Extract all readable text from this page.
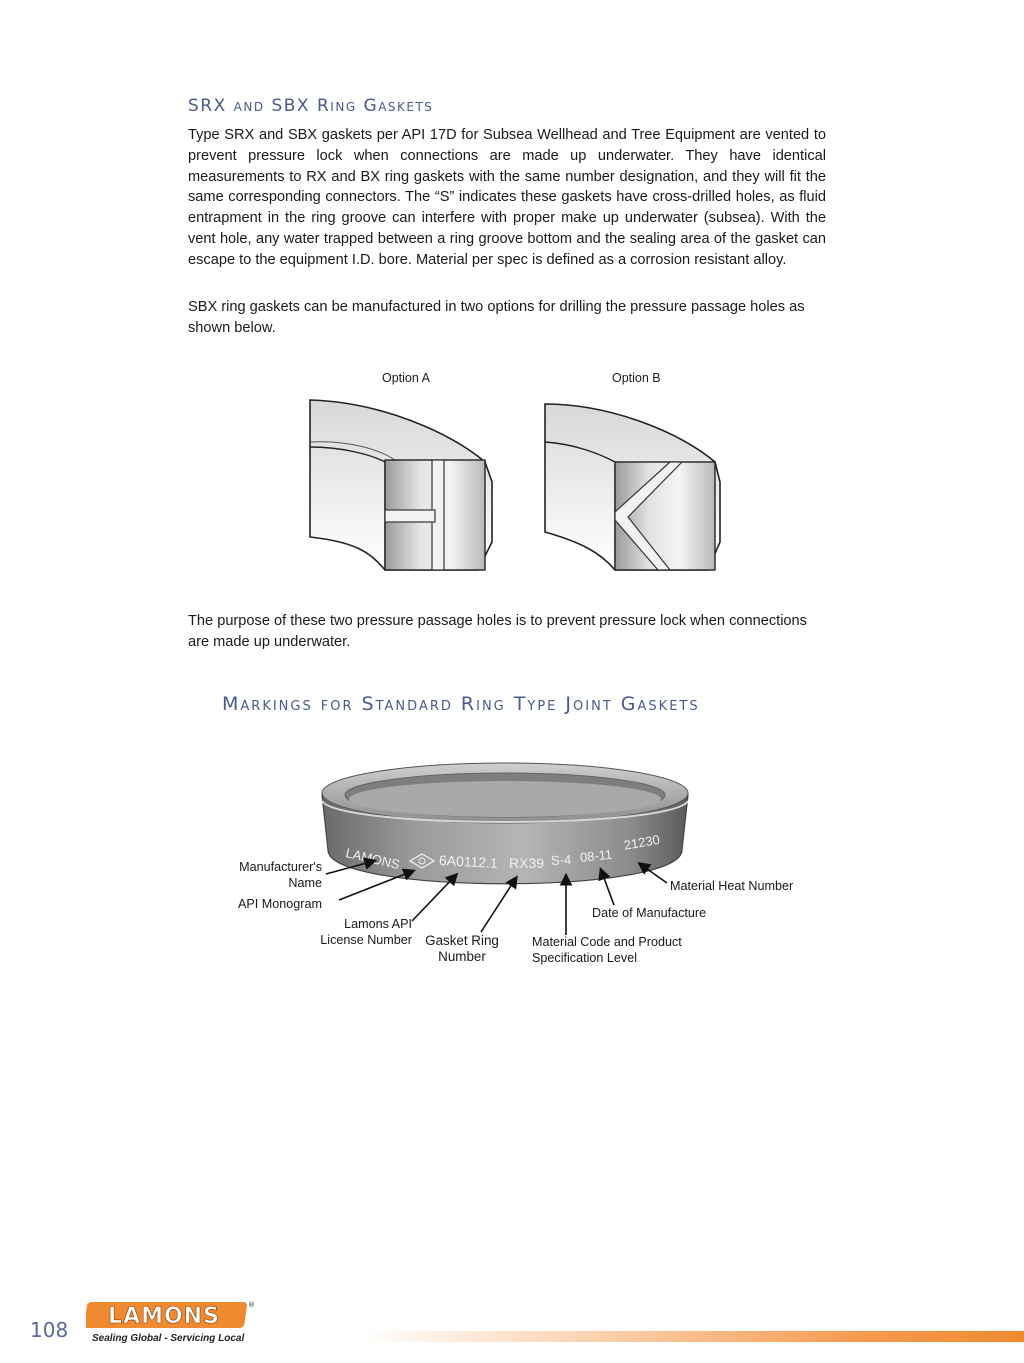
SRX and SBX Ring Gaskets

Type SRX and SBX gaskets per API 17D for Subsea Wellhead and Tree Equipment are vented to prevent pressure lock when connections are made up underwater. They have identical measurements to RX and BX ring gaskets with the same number designation, and they will fit the same corresponding connectors. The “S” indicates these gaskets have cross-drilled holes, as fluid entrapment in the ring groove can interfere with proper make up underwater (subsea). With the vent hole, any water trapped between a ring groove bottom and the sealing area of the gasket can escape to the equipment I.D. bore. Material per spec is defined as a corrosion resistant alloy.

SBX ring gaskets can be manufactured in two options for drilling the pressure passage holes as shown below.

Option A	Option B

The purpose of these two pressure passage holes is to prevent pressure lock when connections are made up underwater.

Markings for Standard Ring Type Joint Gaskets
LAMONS	6A0112.1 RX39 S-4 08-11
21230
Manufacturer's Name
API Monogram
Lamons API License Number Gasket Ring Number
Material Code and Product Specification Level
Date of Manufacture
Material Heat Number
108
LAMONS	®
Sealing Global - Servicing Local
